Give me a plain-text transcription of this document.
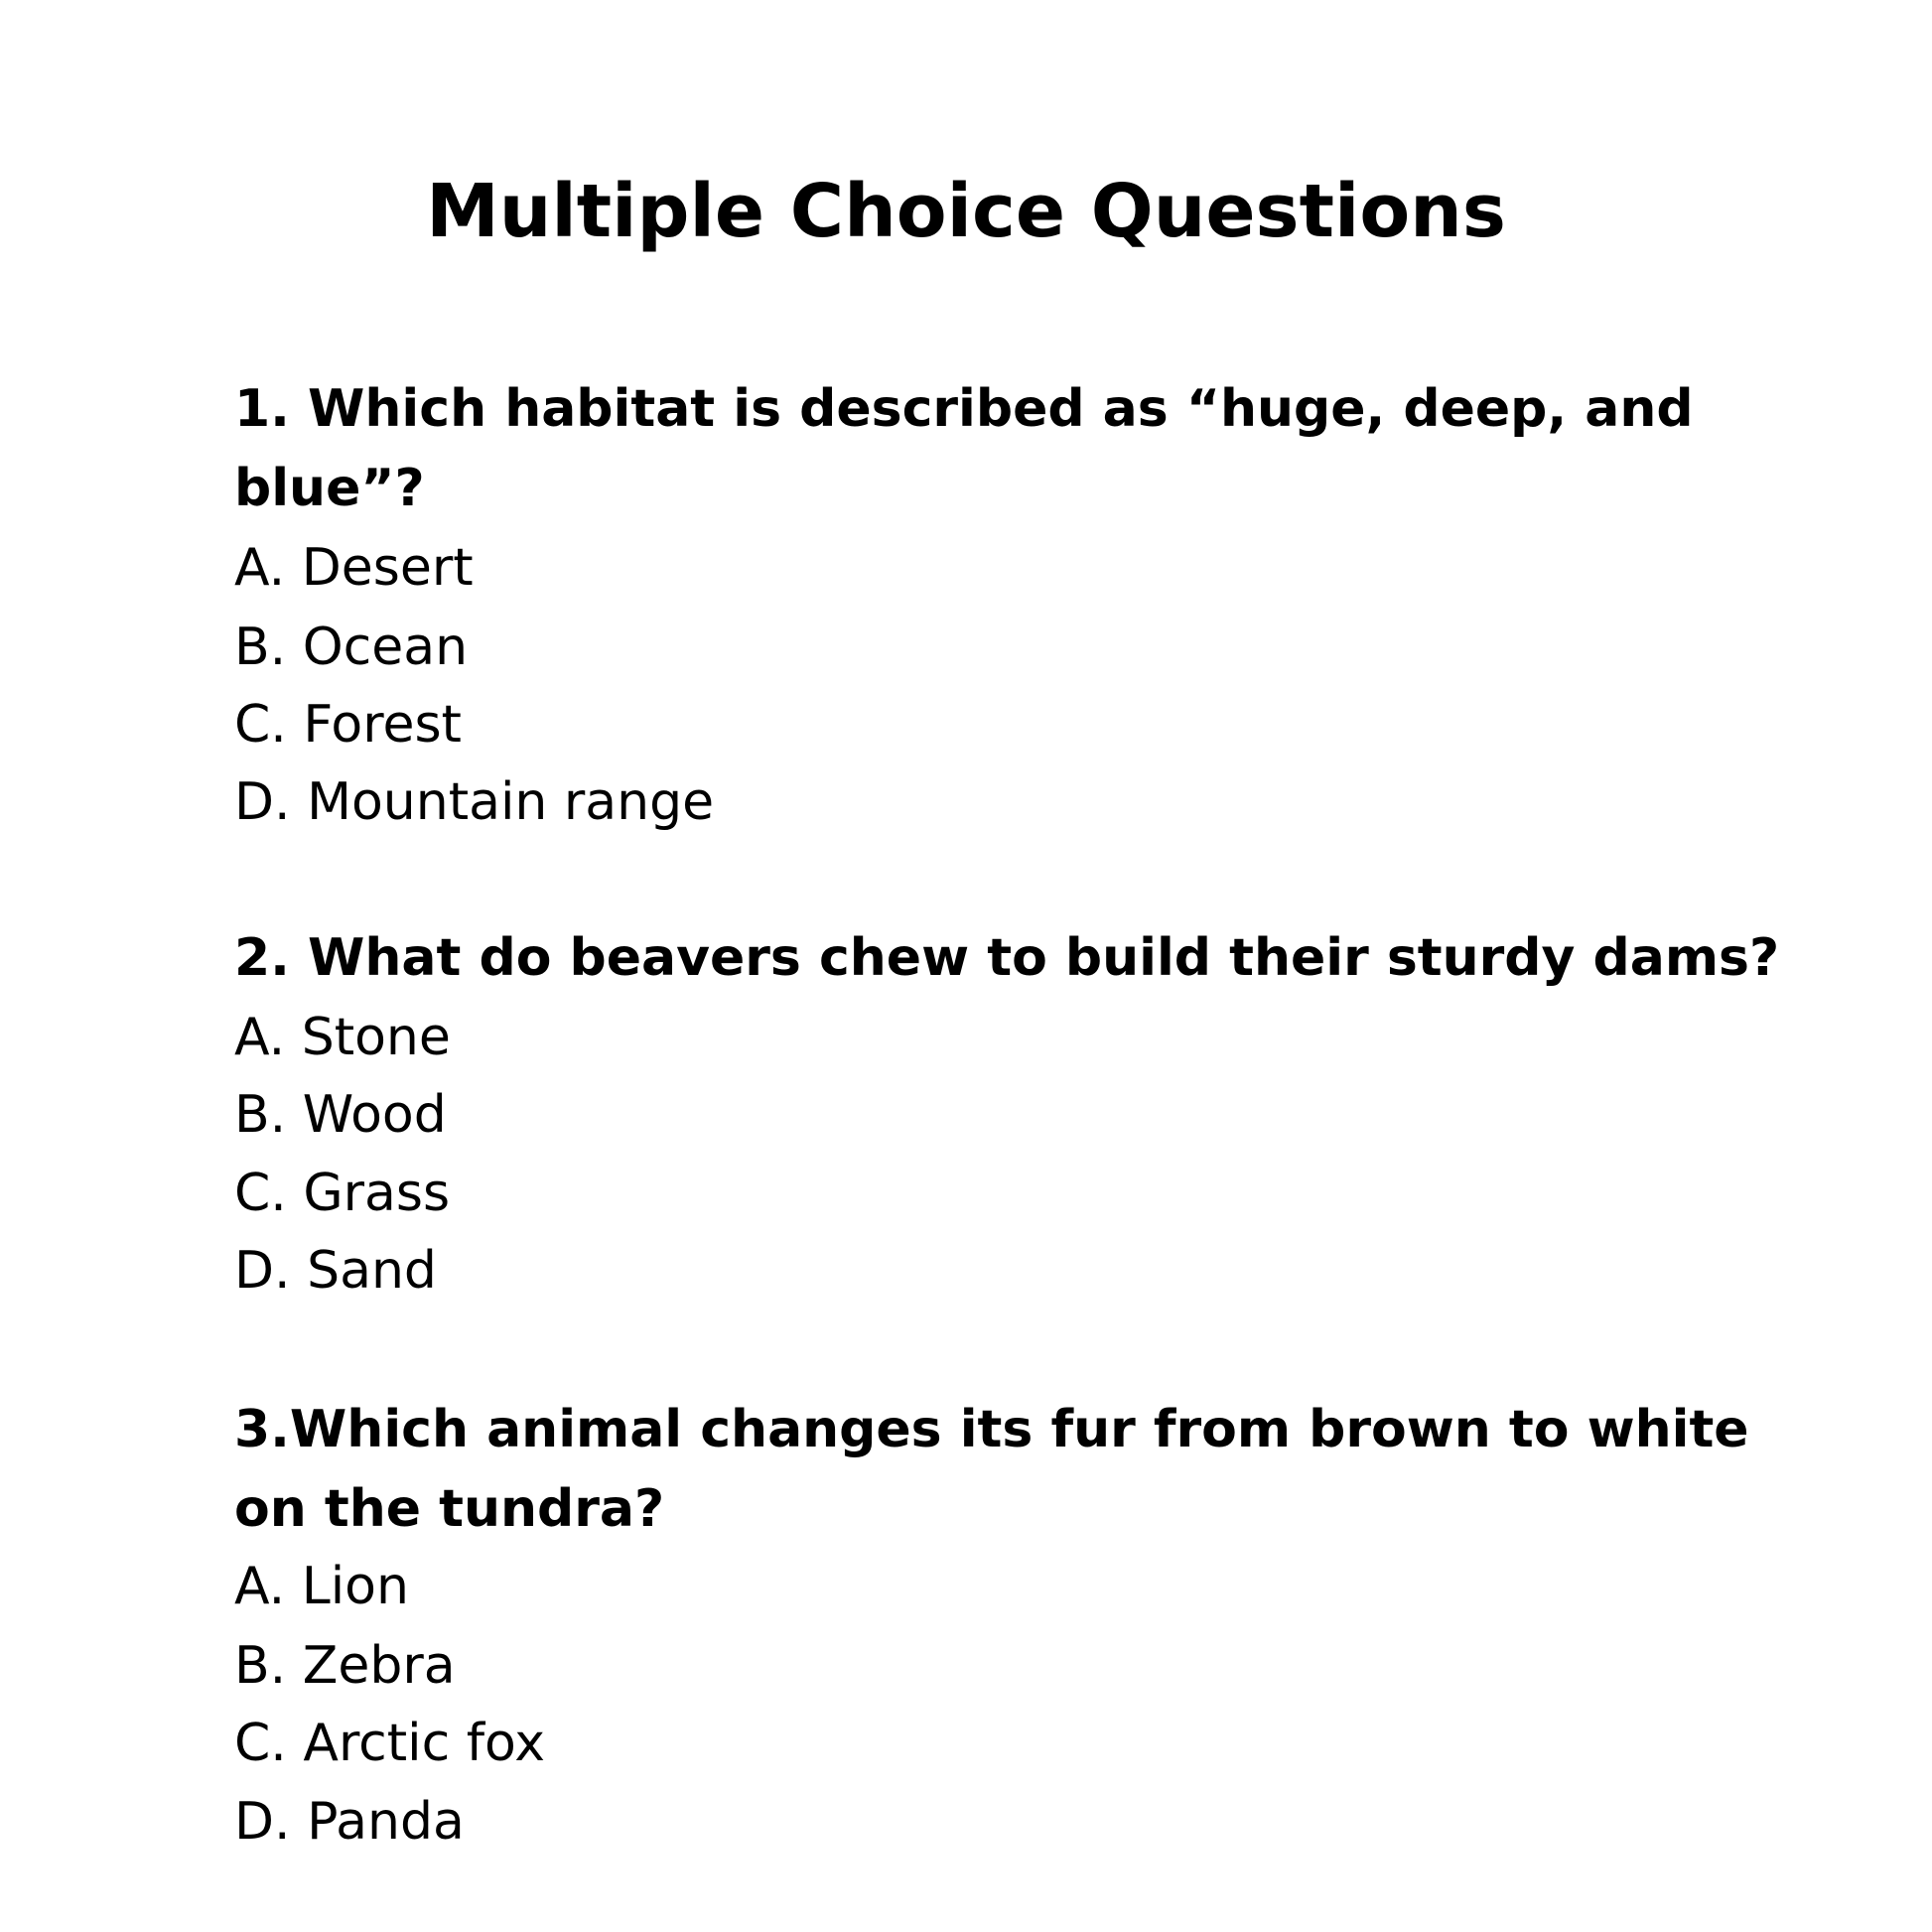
Multiple Choice Questions

1. Which habitat is described as “huge, deep, and

blue”?

A. Desert

B. Ocean

C. Forest

D. Mountain range

2. What do beavers chew to build their sturdy dams?

A. Stone

B. Wood

C. Grass

D. Sand

3.Which animal changes its fur from brown to white

on the tundra?

A. Lion

B. Zebra

C. Arctic fox

D. Panda
